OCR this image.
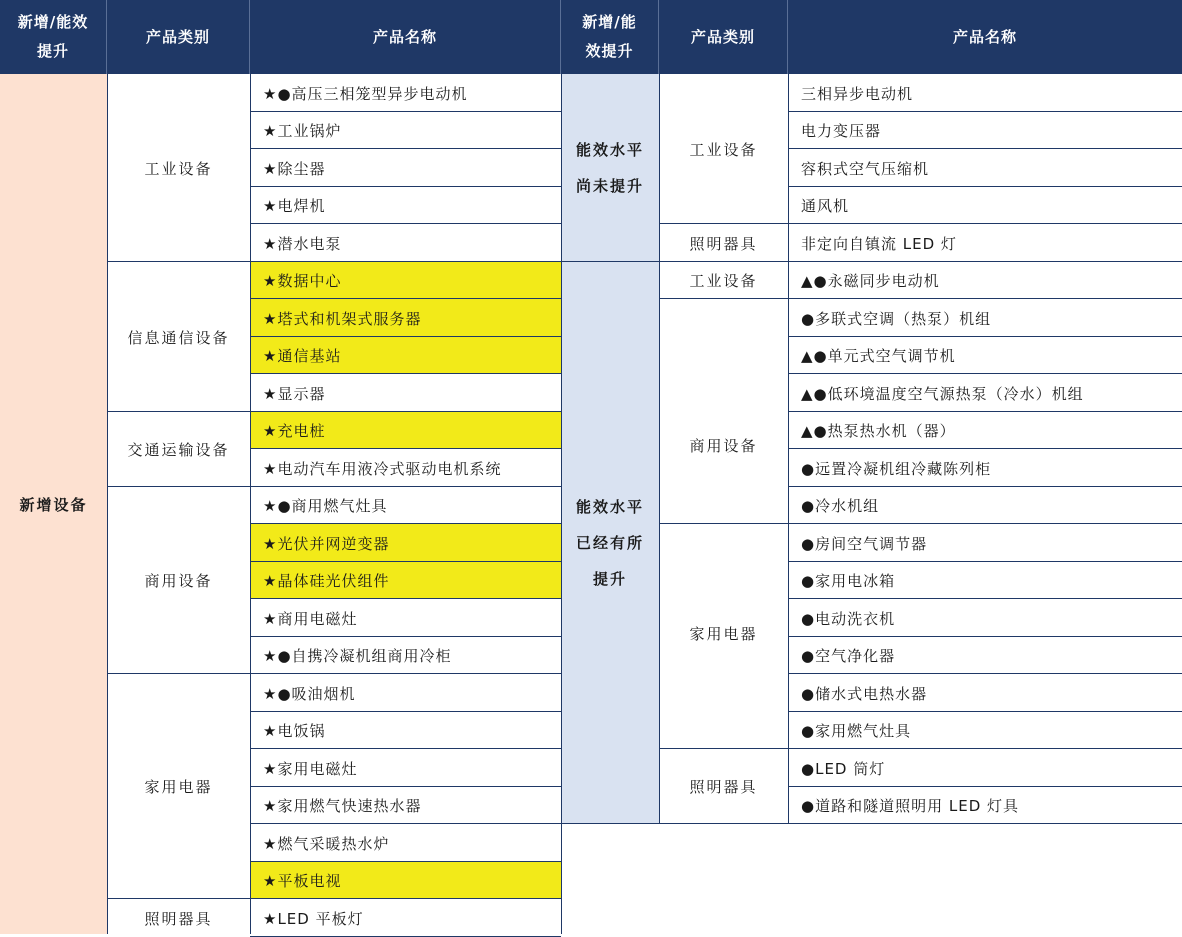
新增/能效
提升
产品类别	产品名称
新增/能
效提升
产品类别	产品名称
新增设备
工业设备
信息通信设备
交通运输设备
商用设备
家用电器
照明器具
★●高压三相笼型异步电动机
★工业锅炉
★除尘器
★电焊机
★潜水电泵
★数据中心
★塔式和机架式服务器
★通信基站
★显示器
★充电桩
★电动汽车用液冷式驱动电机系统
★●商用燃气灶具
★光伏并网逆变器
★晶体硅光伏组件
★商用电磁灶
★●自携冷凝机组商用冷柜
★●吸油烟机
★电饭锅
★家用电磁灶
★家用燃气快速热水器
★燃气采暖热水炉
★平板电视
★LED 平板灯
能效水平
尚未提升
能效水平
已经有所
提升
工业设备
照明器具
工业设备
商用设备
家用电器
照明器具
三相异步电动机
电力变压器
容积式空气压缩机
通风机
非定向自镇流 LED 灯
▲●永磁同步电动机
●多联式空调（热泵）机组
▲●单元式空气调节机
▲●低环境温度空气源热泵（冷水）机组
▲●热泵热水机（器）
●远置冷凝机组冷藏陈列柜
●冷水机组
●房间空气调节器
●家用电冰箱
●电动洗衣机
●空气净化器
●储水式电热水器
●家用燃气灶具
●LED 筒灯
●道路和隧道照明用 LED 灯具
